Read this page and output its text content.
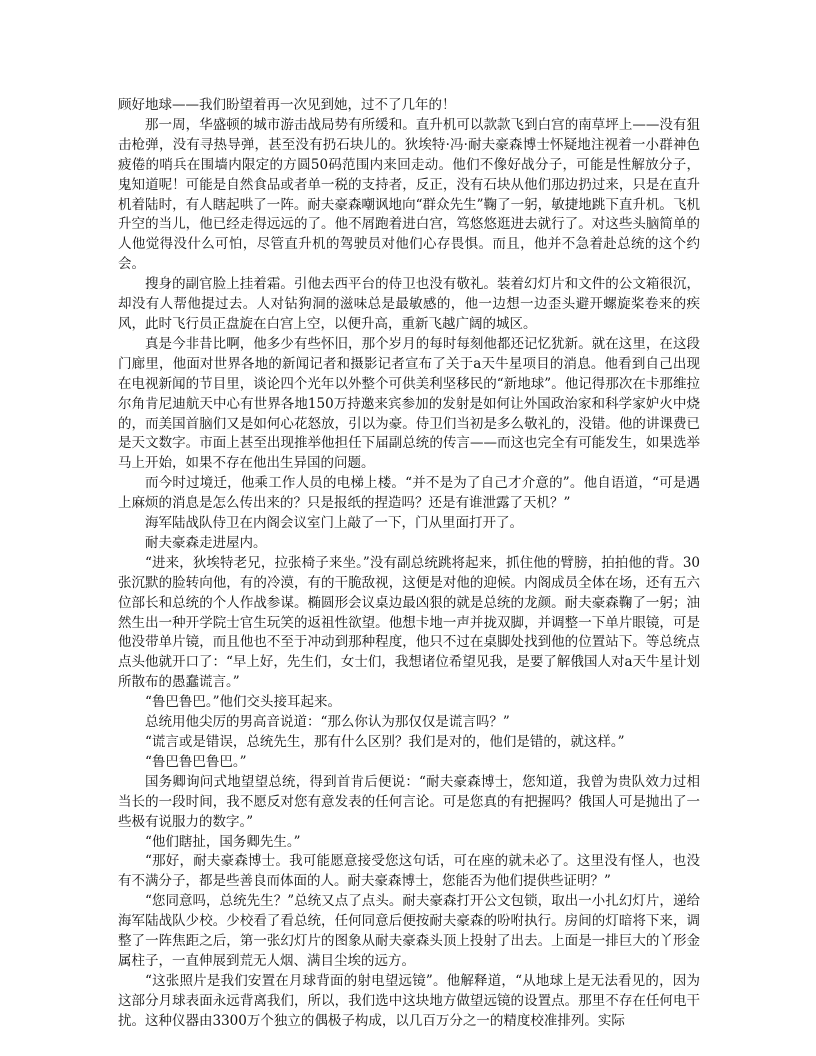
顾好地球——我们盼望着再一次见到她，过不了几年的！

那一周，华盛顿的城市游击战局势有所缓和。直升机可以款款飞到白宫的南草坪上——没有狙击枪弹，没有寻热导弹，甚至没有扔石块儿的。狄埃特·冯·耐夫豪森博士怀疑地注视着一小群神色疲倦的哨兵在围墙内限定的方圆50码范围内来回走动。他们不像好战分子，可能是性解放分子，鬼知道呢！可能是自然食品或者单一税的支持者，反正，没有石块从他们那边扔过来，只是在直升机着陆时，有人瞎起哄了一阵。耐夫豪森嘲讽地向“群众先生”鞠了一躬，敏捷地跳下直升机。飞机升空的当儿，他已经走得远远的了。他不屑跑着进白宫，笃悠悠逛进去就行了。对这些头脑简单的人他觉得没什么可怕，尽管直升机的驾驶员对他们心存畏惧。而且，他并不急着赴总统的这个约会。

搜身的副官脸上挂着霜。引他去西平台的侍卫也没有敬礼。装着幻灯片和文件的公文箱很沉，却没有人帮他提过去。人对钻狗洞的滋味总是最敏感的，他一边想一边歪头避开螺旋桨卷来的疾风，此时飞行员正盘旋在白宫上空，以便升高，重新飞越广阔的城区。

真是今非昔比啊，他多少有些怀旧，那个岁月的每时每刻他都还记忆犹新。就在这里，在这段门廊里，他面对世界各地的新闻记者和摄影记者宣布了关于a天牛星项目的消息。他看到自己出现在电视新闻的节目里，谈论四个光年以外整个可供美利坚移民的“新地球”。他记得那次在卡那维拉尔角肯尼迪航天中心有世界各地150万持邀来宾参加的发射是如何让外国政治家和科学家妒火中烧的，而美国首脑们又是如何心花怒放，引以为豪。侍卫们当初是多么敬礼的，没错。他的讲课费已是天文数字。市面上甚至出现推举他担任下届副总统的传言——而这也完全有可能发生，如果选举马上开始，如果不存在他出生异国的问题。

而今时过境迁，他乘工作人员的电梯上楼。“并不是为了自己才介意的”。他自语道，“可是遇上麻烦的消息是怎么传出来的？只是报纸的捏造吗？还是有谁泄露了天机？”

海军陆战队侍卫在内阁会议室门上敲了一下，门从里面打开了。

耐夫豪森走进屋内。

“进来，狄埃特老兄，拉张椅子来坐。”没有副总统跳将起来，抓住他的臂膀，拍拍他的背。30张沉默的脸转向他，有的冷漠，有的干脆敌视，这便是对他的迎候。内阁成员全体在场，还有五六位部长和总统的个人作战参谋。椭圆形会议桌边最凶狠的就是总统的龙颜。耐夫豪森鞠了一躬；油然生出一种开学院士官生玩笑的返祖性欲望。他想卡地一声并拢双脚，并调整一下单片眼镜，可是他没带单片镜，而且他也不至于冲动到那种程度，他只不过在桌脚处找到他的位置站下。等总统点点头他就开口了：“早上好，先生们，女士们，我想诸位希望见我，是要了解俄国人对a天牛星计划所散布的愚蠢谎言。”

“鲁巴鲁巴。”他们交头接耳起来。

总统用他尖厉的男高音说道：“那么你认为那仅仅是谎言吗？”

“谎言或是错误，总统先生，那有什么区别？我们是对的，他们是错的，就这样。”

“鲁巴鲁巴鲁巴。”

国务卿询问式地望望总统，得到首肯后便说：“耐夫豪森博士，您知道，我曾为贵队效力过相当长的一段时间，我不愿反对您有意发表的任何言论。可是您真的有把握吗？俄国人可是抛出了一些极有说服力的数字。”

“他们瞎扯，国务卿先生。”

“那好，耐夫豪森博士。我可能愿意接受您这句话，可在座的就未必了。这里没有怪人，也没有不满分子，都是些善良而体面的人。耐夫豪森博士，您能否为他们提供些证明？”

“您同意吗，总统先生？”总统又点了点头。耐夫豪森打开公文包锁，取出一小扎幻灯片，递给海军陆战队少校。少校看了看总统，任何同意后便按耐夫豪森的吩咐执行。房间的灯暗将下来，调整了一阵焦距之后，第一张幻灯片的图象从耐夫豪森头顶上投射了出去。上面是一排巨大的丫形金属柱子，一直伸展到荒无人烟、满目尘埃的远方。

“这张照片是我们安置在月球背面的射电望远镜”。他解释道，“从地球上是无法看见的，因为这部分月球表面永远背离我们，所以，我们选中这块地方做望远镜的设置点。那里不存在任何电干扰。这种仪器由3300万个独立的偶极子构成，以几百万分之一的精度校准排列。实际
